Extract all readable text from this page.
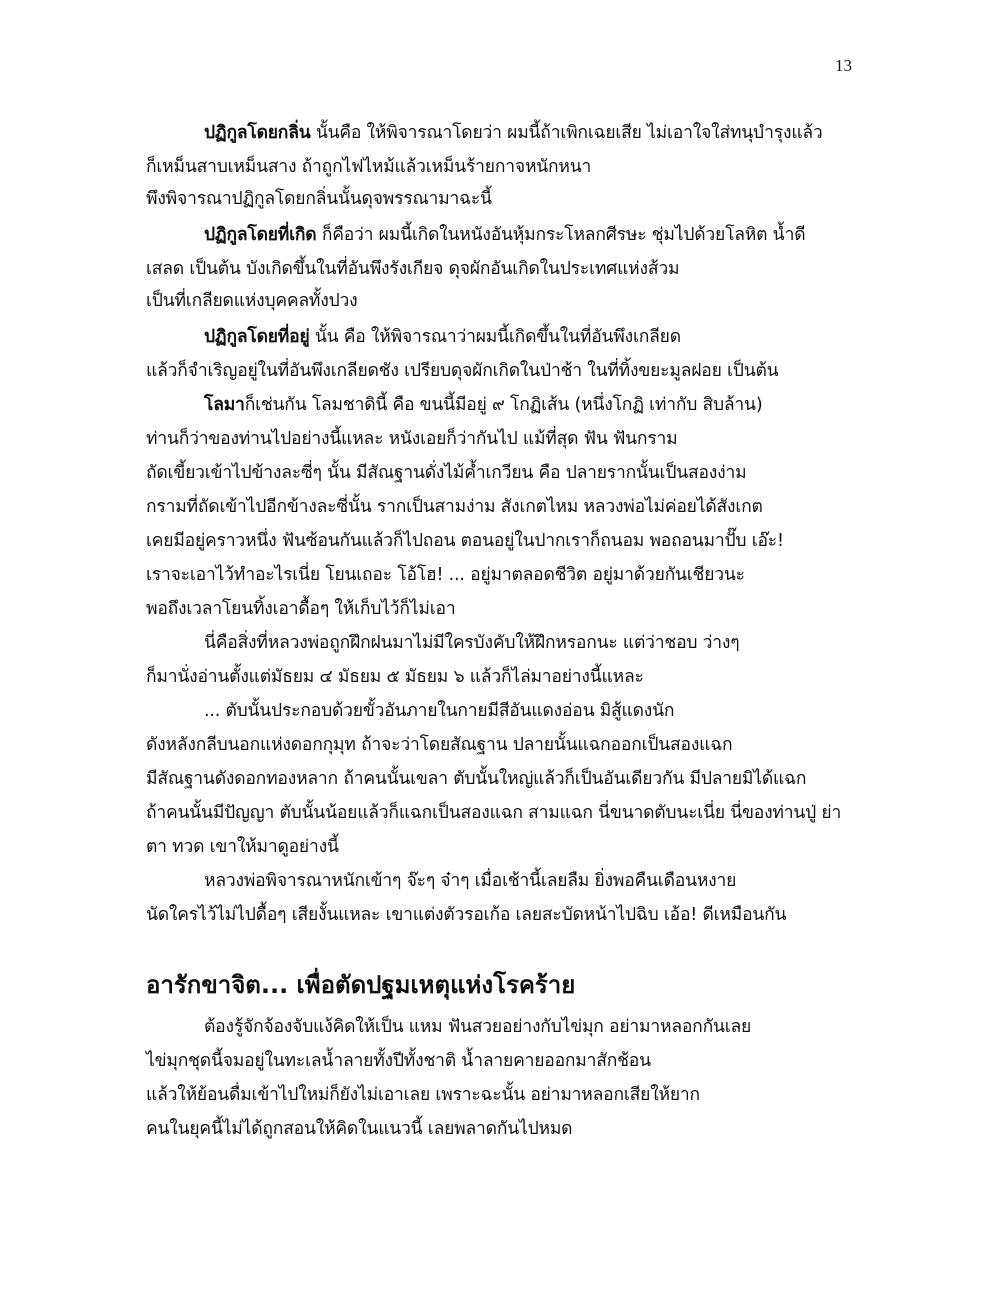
13
ปฏิกูลโดยกลิ่น นั้นคือ ให้พิจารณาโดยว่า ผมนี้ถ้าเพิกเฉยเสีย ไม่เอาใจใส่ทนุบำรุงแล้ว
ก็เหม็นสาบเหม็นสาง ถ้าถูกไฟไหม้แล้วเหม็นร้ายกาจหนักหนา
พึงพิจารณาปฏิกูลโดยกลิ่นนั้นดุจพรรณามาฉะนี้
ปฏิกูลโดยที่เกิด ก็คือว่า ผมนี้เกิดในหนังอันหุ้มกระโหลกศีรษะ ชุ่มไปด้วยโลหิต น้ำดี
เสลด เป็นต้น บังเกิดขึ้นในที่อันพึงรังเกียจ ดุจผักอันเกิดในประเทศแห่งส้วม
เป็นที่เกลียดแห่งบุคคลทั้งปวง
ปฏิกูลโดยที่อยู่ นั้น คือ ให้พิจารณาว่าผมนี้เกิดขึ้นในที่อันพึงเกลียด
แล้วก็จำเริญอยู่ในที่อันพึงเกลียดชัง เปรียบดุจผักเกิดในป่าช้า ในที่ทิ้งขยะมูลฝอย เป็นต้น
โลมาก็เช่นกัน โลมชาดินี้ คือ ขนนี้มีอยู่ ๙ โกฏิเส้น (หนึ่งโกฏิ เท่ากับ สิบล้าน)
ท่านก็ว่าของท่านไปอย่างนี้แหละ หนังเอยก็ว่ากันไป แม้ที่สุด ฟัน ฟันกราม
ถัดเขี้ยวเข้าไปข้างละซี่ๆ นั้น มีสัณฐานดั่งไม้ค้ำเกวียน คือ ปลายรากนั้นเป็นสองง่าม
กรามที่ถัดเข้าไปอีกข้างละซี่นั้น รากเป็นสามง่าม สังเกตไหม หลวงพ่อไม่ค่อยได้สังเกต
เคยมีอยู่คราวหนึ่ง ฟันซ้อนกันแล้วก็ไปถอน ตอนอยู่ในปากเราก็ถนอม พอถอนมาปั๊บ เอ๊ะ!
เราจะเอาไว้ทำอะไรเนี่ย โยนเถอะ โอ้โฮ! ... อยู่มาตลอดชีวิต อยู่มาด้วยกันเชียวนะ
พอถึงเวลาโยนทิ้งเอาดื้อๆ ให้เก็บไว้ก็ไม่เอา
นี่คือสิ่งที่หลวงพ่อถูกฝึกฝนมาไม่มีใครบังคับให้ฝึกหรอกนะ แต่ว่าชอบ ว่างๆ
ก็มานั่งอ่านตั้งแต่มัธยม ๔ มัธยม ๕ มัธยม ๖ แล้วก็ไล่มาอย่างนี้แหละ
... ตับนั้นประกอบด้วยขั้วอันภายในกายมีสีอันแดงอ่อน มิสู้แดงนัก
ดังหลังกลีบนอกแห่งดอกกุมุท ถ้าจะว่าโดยสัณฐาน ปลายนั้นแฉกออกเป็นสองแฉก
มีสัณฐานดังดอกทองหลาก ถ้าคนนั้นเขลา ตับนั้นใหญ่แล้วก็เป็นอันเดียวกัน มีปลายมิได้แฉก
ถ้าคนนั้นมีปัญญา ตับนั้นน้อยแล้วก็แฉกเป็นสองแฉก สามแฉก นี่ขนาดตับนะเนี่ย นี่ของท่านปู่ ย่า
ตา ทวด เขาให้มาดูอย่างนี้
หลวงพ่อพิจารณาหนักเข้าๆ จ๊ะๆ จ๋าๆ เมื่อเช้านี้เลยลืม ยิ่งพอคืนเดือนหงาย
นัดใครไว้ไม่ไปดื้อๆ เสียงั้นแหละ เขาแต่งตัวรอเก้อ เลยสะบัดหน้าไปฉิบ เอ้อ! ดีเหมือนกัน
อารักขาจิต... เพื่อตัดปฐมเหตุแห่งโรคร้าย
ต้องรู้จักจ้องจับแง้คิดให้เป็น แหม ฟันสวยอย่างกับไข่มุก อย่ามาหลอกกันเลย
ไข่มุกชุดนี้จมอยู่ในทะเลน้ำลายทั้งปีทั้งชาติ น้ำลายคายออกมาสักช้อน
แล้วให้ย้อนดื่มเข้าไปใหม่ก็ยังไม่เอาเลย เพราะฉะนั้น อย่ามาหลอกเสียให้ยาก
คนในยุคนี้ไม่ได้ถูกสอนให้คิดในแนวนี้ เลยพลาดกันไปหมด
